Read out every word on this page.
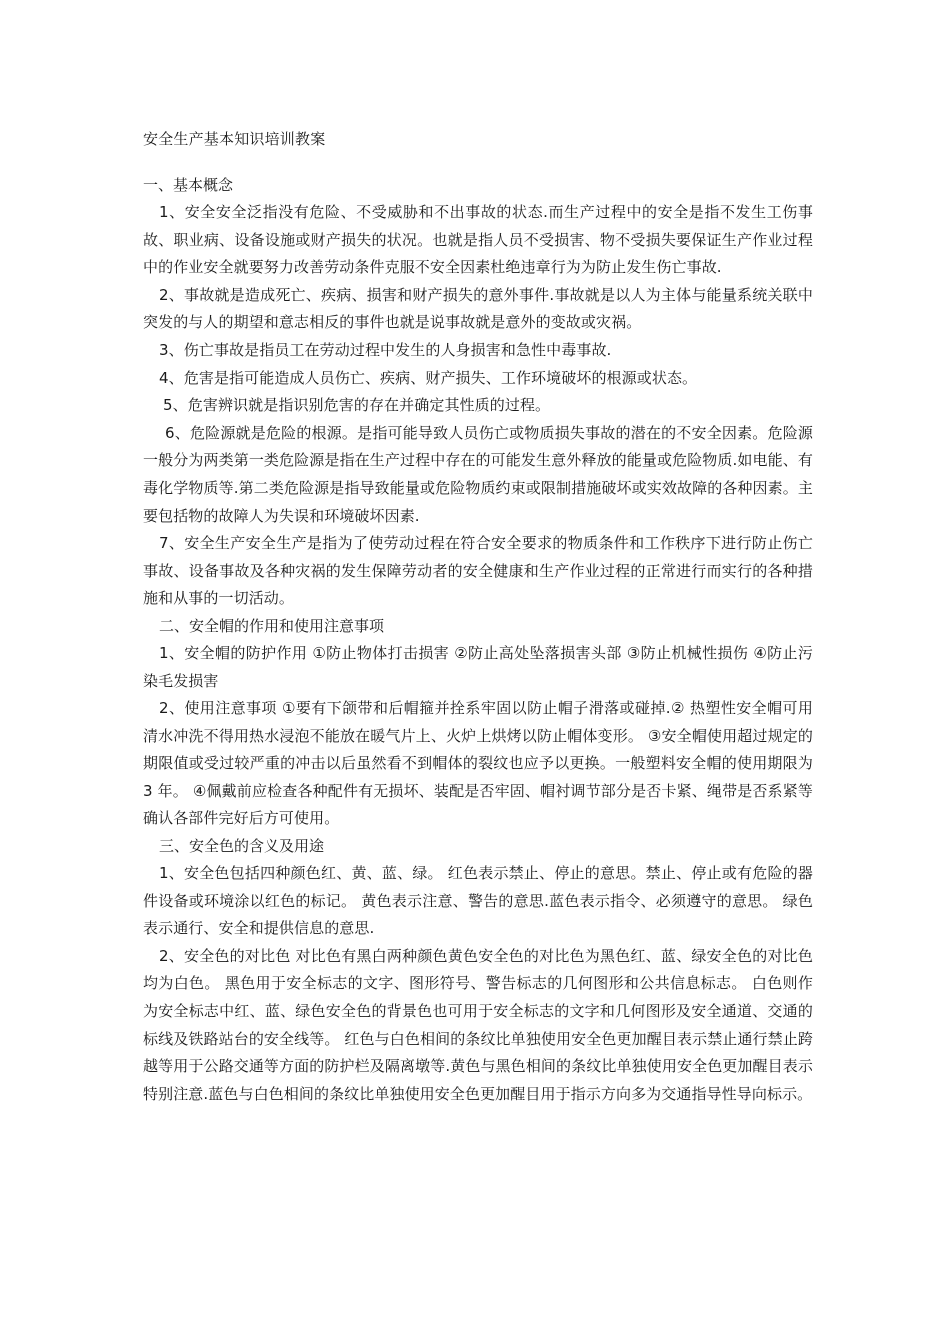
安全生产基本知识培训教案

一、基本概念

1、安全安全泛指没有危险、不受威胁和不出事故的状态.而生产过程中的安全是指不发生工伤事故、职业病、设备设施或财产损失的状况。也就是指人员不受损害、物不受损失要保证生产作业过程中的作业安全就要努力改善劳动条件克服不安全因素杜绝违章行为为防止发生伤亡事故.

2、事故就是造成死亡、疾病、损害和财产损失的意外事件.事故就是以人为主体与能量系统关联中突发的与人的期望和意志相反的事件也就是说事故就是意外的变故或灾祸。

3、伤亡事故是指员工在劳动过程中发生的人身损害和急性中毒事故.

4、危害是指可能造成人员伤亡、疾病、财产损失、工作环境破坏的根源或状态。

5、危害辨识就是指识别危害的存在并确定其性质的过程。

6、危险源就是危险的根源。是指可能导致人员伤亡或物质损失事故的潜在的不安全因素。危险源一般分为两类第一类危险源是指在生产过程中存在的可能发生意外释放的能量或危险物质.如电能、有毒化学物质等.第二类危险源是指导致能量或危险物质约束或限制措施破坏或实效故障的各种因素。主要包括物的故障人为失误和环境破坏因素.

7、安全生产安全生产是指为了使劳动过程在符合安全要求的物质条件和工作秩序下进行防止伤亡事故、设备事故及各种灾祸的发生保障劳动者的安全健康和生产作业过程的正常进行而实行的各种措施和从事的一切活动。

二、安全帽的作用和使用注意事项

1、安全帽的防护作用 ①防止物体打击损害 ②防止高处坠落损害头部 ③防止机械性损伤 ④防止污染毛发损害

2、使用注意事项 ①要有下颌带和后帽箍并拴系牢固以防止帽子滑落或碰掉.② 热塑性安全帽可用清水冲洗不得用热水浸泡不能放在暖气片上、火炉上烘烤以防止帽体变形。 ③安全帽使用超过规定的期限值或受过较严重的冲击以后虽然看不到帽体的裂纹也应予以更换。一般塑料安全帽的使用期限为 3 年。 ④佩戴前应检查各种配件有无损坏、装配是否牢固、帽衬调节部分是否卡紧、绳带是否系紧等确认各部件完好后方可使用。

三、安全色的含义及用途

1、安全色包括四种颜色红、黄、蓝、绿。 红色表示禁止、停止的意思。禁止、停止或有危险的器件设备或环境涂以红色的标记。 黄色表示注意、警告的意思.蓝色表示指令、必须遵守的意思。 绿色表示通行、安全和提供信息的意思.

2、安全色的对比色 对比色有黑白两种颜色黄色安全色的对比色为黑色红、蓝、绿安全色的对比色均为白色。 黑色用于安全标志的文字、图形符号、警告标志的几何图形和公共信息标志。 白色则作为安全标志中红、蓝、绿色安全色的背景色也可用于安全标志的文字和几何图形及安全通道、交通的标线及铁路站台的安全线等。 红色与白色相间的条纹比单独使用安全色更加醒目表示禁止通行禁止跨越等用于公路交通等方面的防护栏及隔离墩等.黄色与黑色相间的条纹比单独使用安全色更加醒目表示特别注意.蓝色与白色相间的条纹比单独使用安全色更加醒目用于指示方向多为交通指导性导向标示。
